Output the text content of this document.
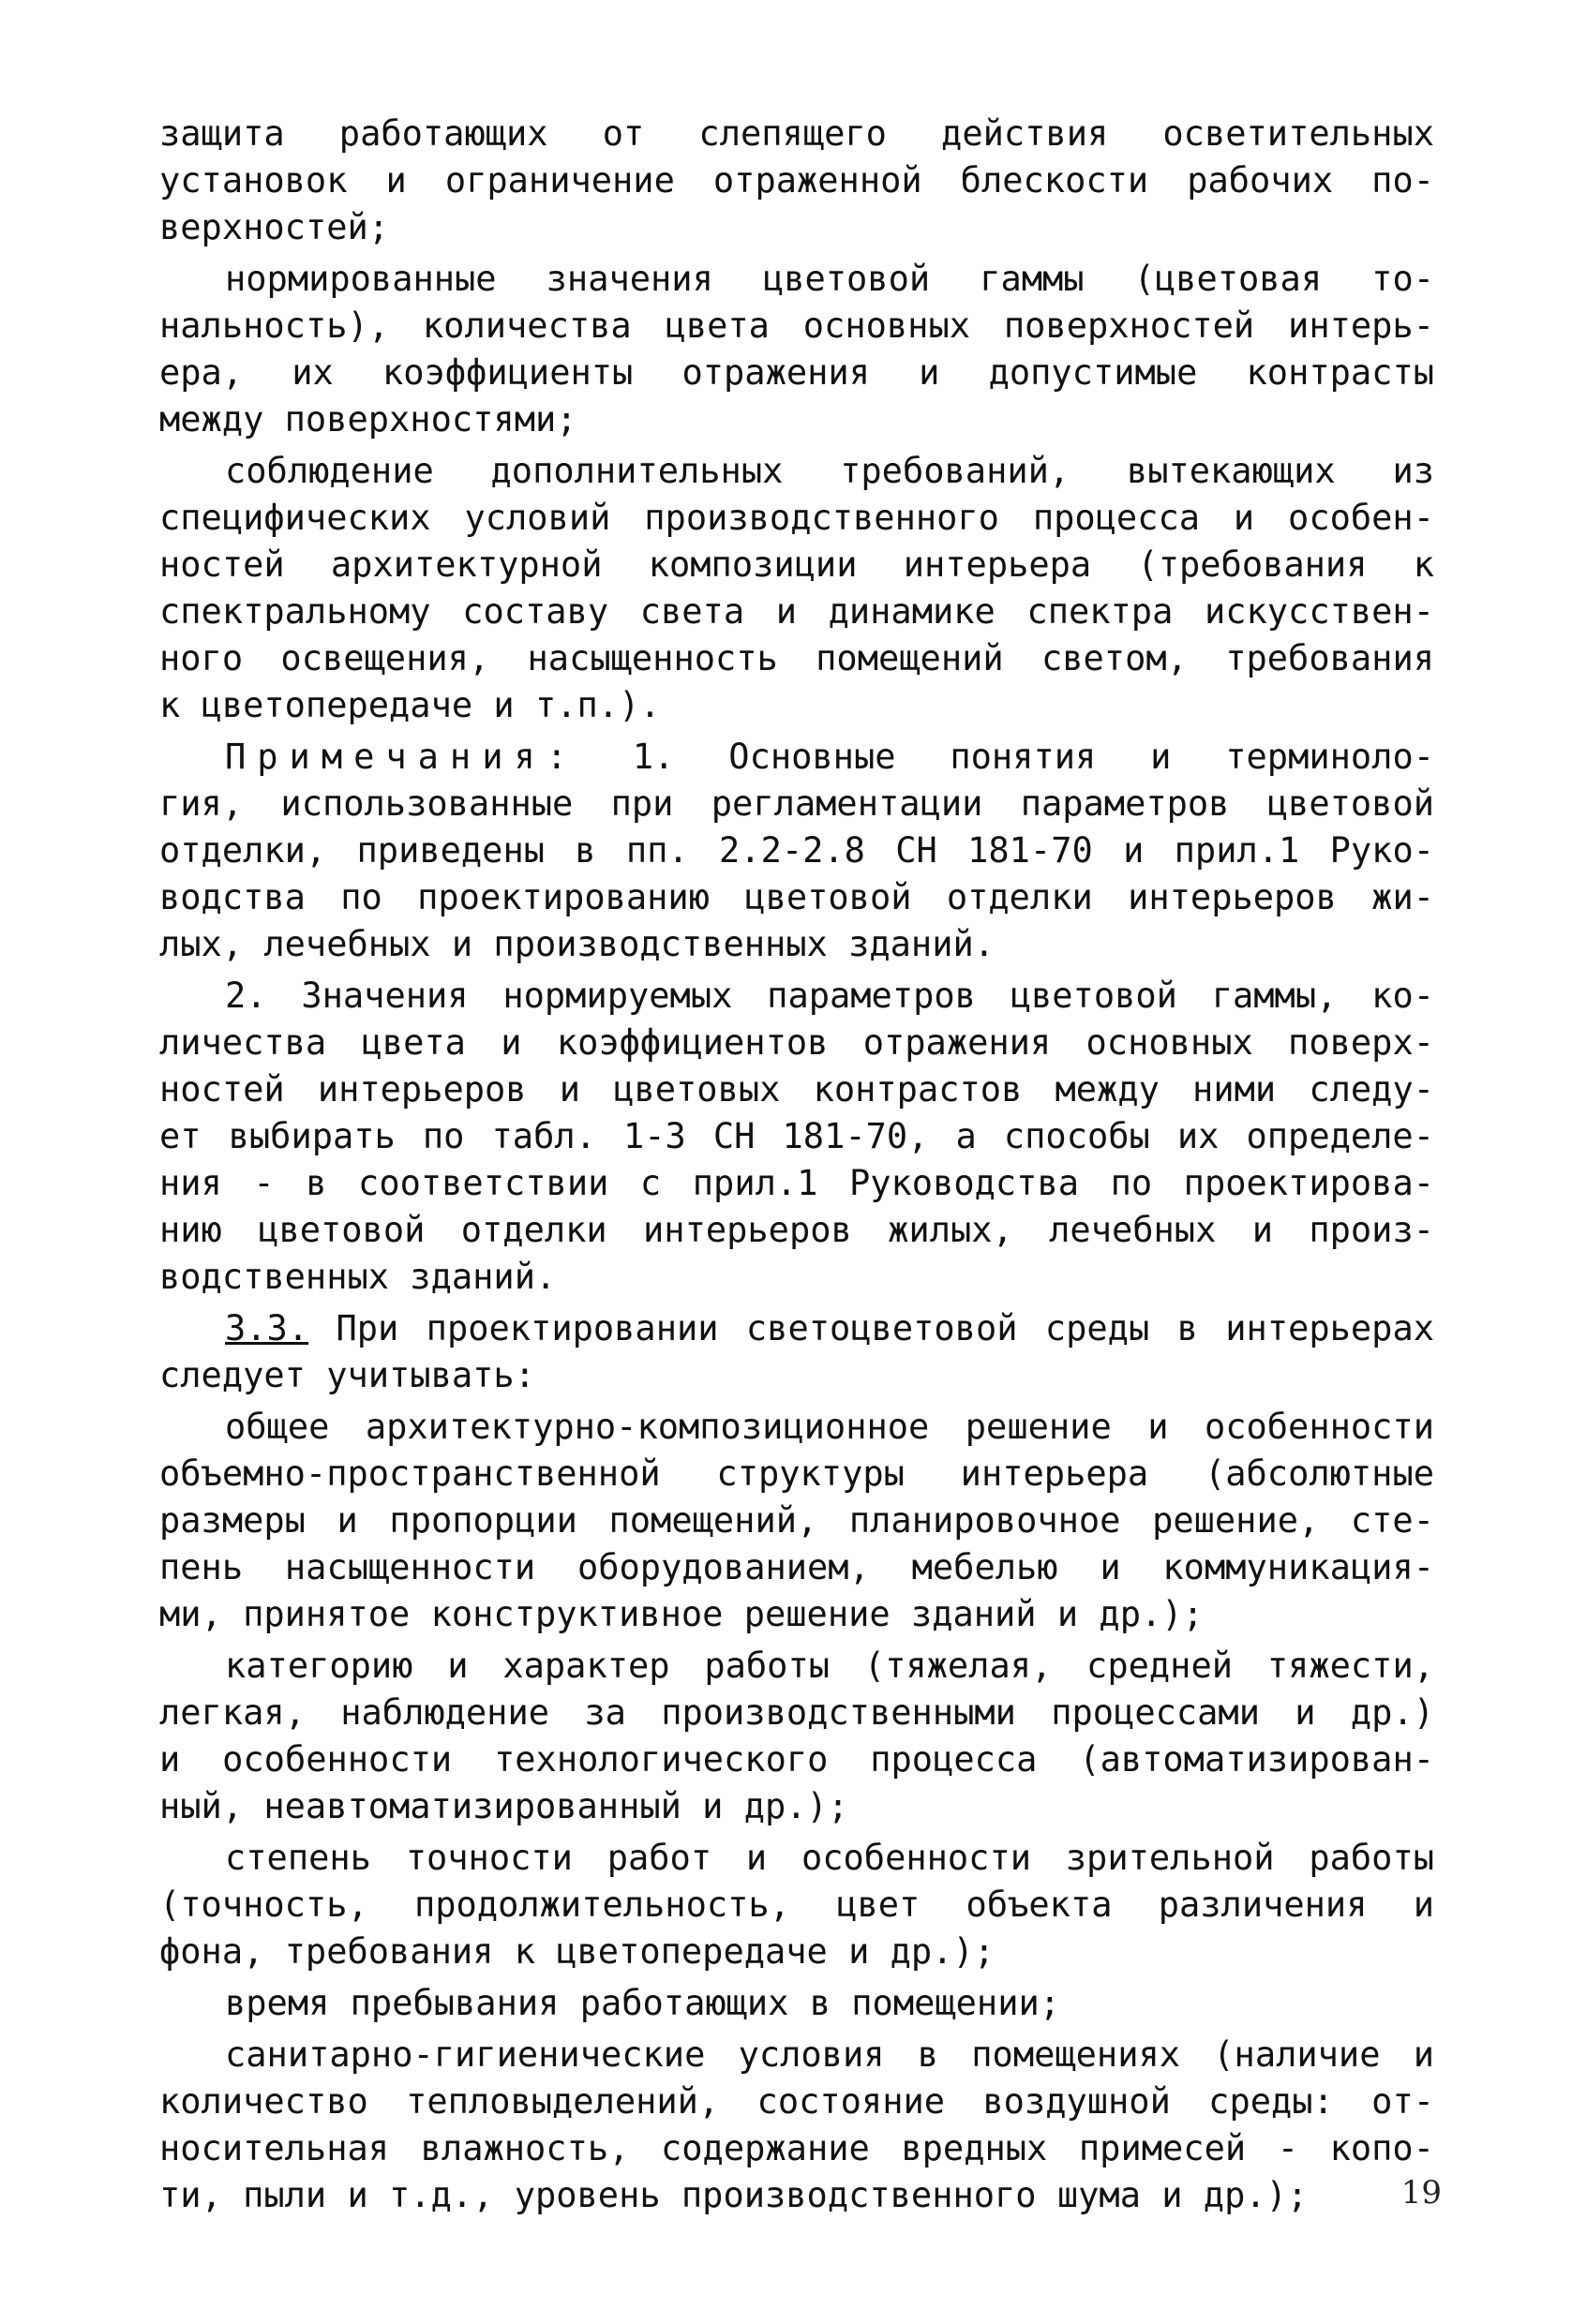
защита работающих от слепящего действия осветительных
установок и ограничение отраженной блескости рабочих по-
верхностей;
нормированные значения цветовой гаммы (цветовая то-
нальность), количества цвета основных поверхностей интерь-
ера, их коэффициенты отражения и допустимые контрасты
между поверхностями;
соблюдение дополнительных требований, вытекающих из
специфических условий производственного процесса и особен-
ностей архитектурной композиции интерьера (требования к
спектральному составу света и динамике спектра искусствен-
ного освещения, насыщенность помещений светом, требования
к цветопередаче и т.п.).
Примечания: 1. Основные понятия и терминоло-
гия, использованные при регламентации параметров цветовой
отделки, приведены в пп. 2.2-2.8 СН 181-70 и прил.1 Руко-
водства по проектированию цветовой отделки интерьеров жи-
лых, лечебных и производственных зданий.
2. Значения нормируемых параметров цветовой гаммы, ко-
личества цвета и коэффициентов отражения основных поверх-
ностей интерьеров и цветовых контрастов между ними следу-
ет выбирать по табл. 1-3 СН 181-70, а способы их определе-
ния - в соответствии с прил.1 Руководства по проектирова-
нию цветовой отделки интерьеров жилых, лечебных и произ-
водственных зданий.
3.3. При проектировании светоцветовой среды в интерьерах
следует учитывать:
общее архитектурно-композиционное решение и особенности
объемно-пространственной структуры интерьера (абсолютные
размеры и пропорции помещений, планировочное решение, сте-
пень насыщенности оборудованием, мебелью и коммуникация-
ми, принятое конструктивное решение зданий и др.);
категорию и характер работы (тяжелая, средней тяжести,
легкая, наблюдение за производственными процессами и др.)
и особенности технологического процесса (автоматизирован-
ный, неавтоматизированный и др.);
степень точности работ и особенности зрительной работы
(точность, продолжительность, цвет объекта различения и
фона, требования к цветопередаче и др.);
время пребывания работающих в помещении;
санитарно-гигиенические условия в помещениях (наличие и
количество тепловыделений, состояние воздушной среды: от-
носительная влажность, содержание вредных примесей - копо-
ти, пыли и т.д., уровень производственного шума и др.);	19
